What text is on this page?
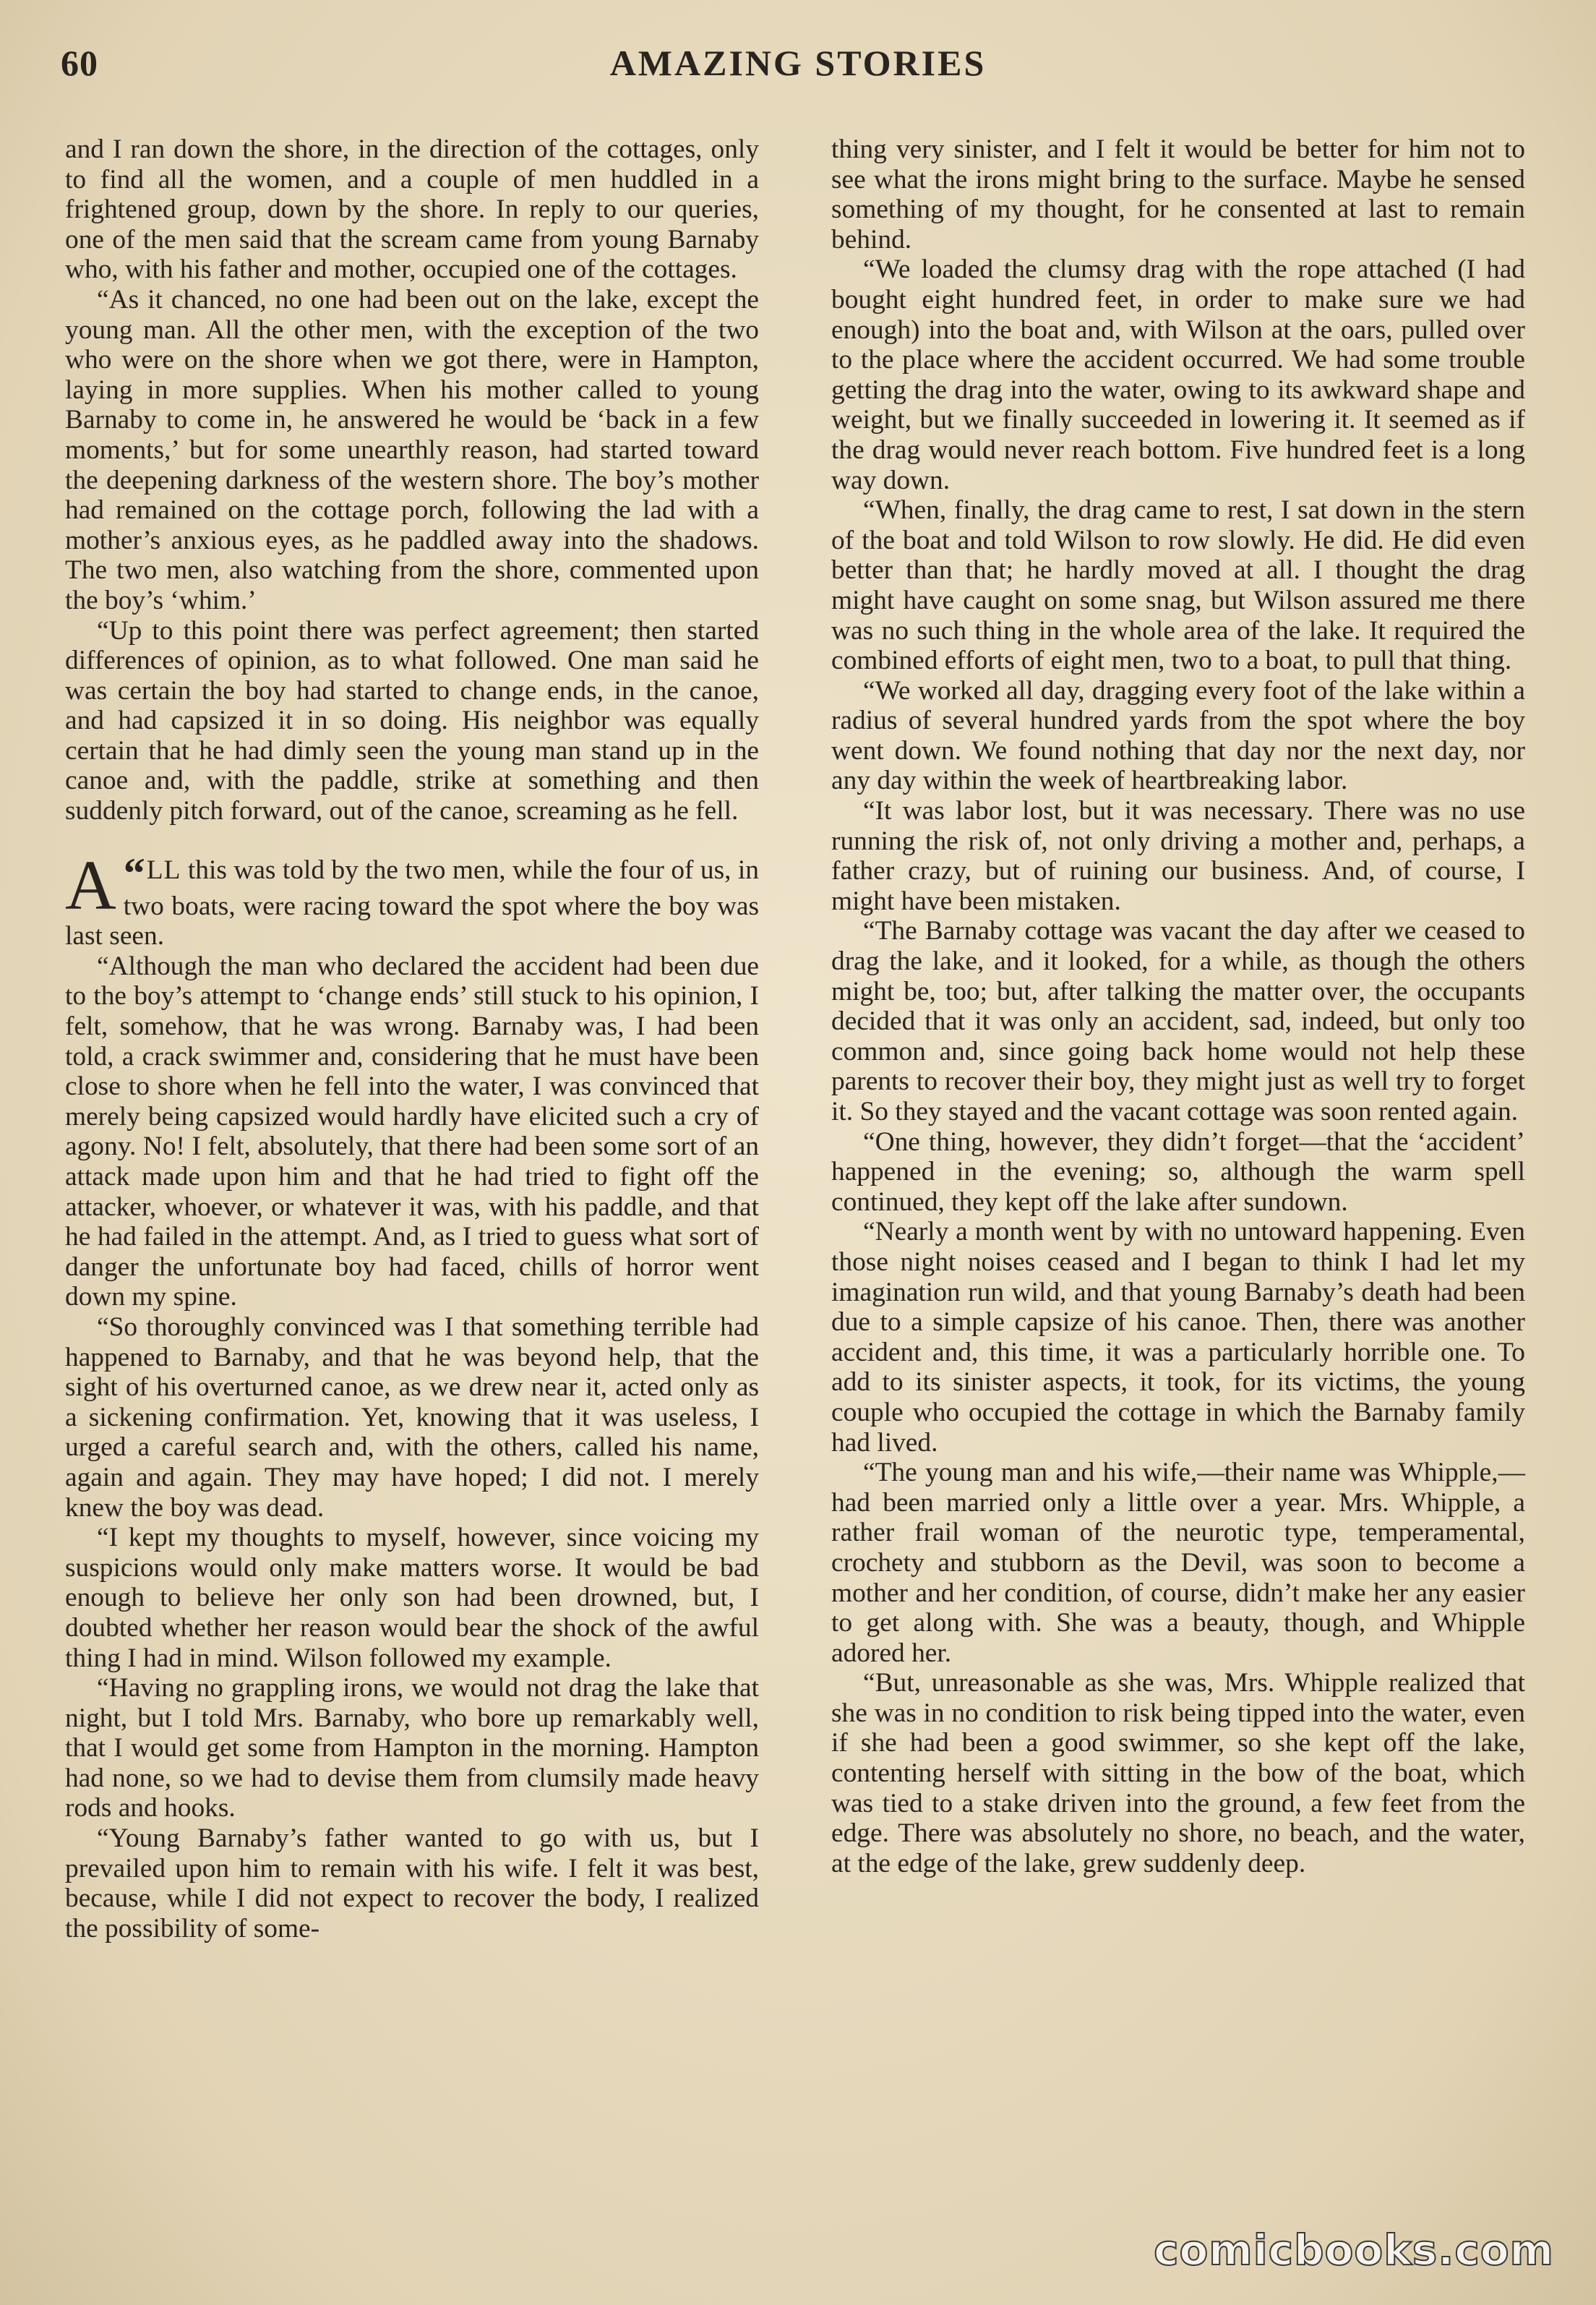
60	AMAZING STORIES

and I ran down the shore, in the direction of the cottages, only to find all the women, and a couple of men huddled in a frightened group, down by the shore. In reply to our queries, one of the men said that the scream came from young Barnaby who, with his father and mother, occupied one of the cottages.

“As it chanced, no one had been out on the lake, except the young man. All the other men, with the exception of the two who were on the shore when we got there, were in Hampton, laying in more supplies. When his mother called to young Barnaby to come in, he answered he would be ‘back in a few moments,’ but for some unearthly reason, had started toward the deepening darkness of the western shore. The boy’s mother had remained on the cottage porch, following the lad with a mother’s anxious eyes, as he paddled away into the shadows. The two men, also watching from the shore, commented upon the boy’s ‘whim.’

“Up to this point there was perfect agreement; then started differences of opinion, as to what followed. One man said he was certain the boy had started to change ends, in the canoe, and had capsized it in so doing. His neighbor was equally certain that he had dimly seen the young man stand up in the canoe and, with the paddle, strike at something and then suddenly pitch forward, out of the canoe, screaming as he fell.

“
A LL this was told by the two men, while the four of us, in two boats, were racing toward the spot where the boy was last seen.

“Although the man who declared the accident had been due to the boy’s attempt to ‘change ends’ still stuck to his opinion, I felt, somehow, that he was wrong. Barnaby was, I had been told, a crack swimmer and, considering that he must have been close to shore when he fell into the water, I was convinced that merely being capsized would hardly have elicited such a cry of agony. No! I felt, absolutely, that there had been some sort of an attack made upon him and that he had tried to fight off the attacker, whoever, or whatever it was, with his paddle, and that he had failed in the attempt. And, as I tried to guess what sort of danger the unfortunate boy had faced, chills of horror went down my spine.

“So thoroughly convinced was I that something terrible had happened to Barnaby, and that he was beyond help, that the sight of his overturned canoe, as we drew near it, acted only as a sickening confirmation. Yet, knowing that it was useless, I urged a careful search and, with the others, called his name, again and again. They may have hoped; I did not. I merely knew the boy was dead.

“I kept my thoughts to myself, however, since voicing my suspicions would only make matters worse. It would be bad enough to believe her only son had been drowned, but, I doubted whether her reason would bear the shock of the awful thing I had in mind. Wilson followed my example.

“Having no grappling irons, we would not drag the lake that night, but I told Mrs. Barnaby, who bore up remarkably well, that I would get some from Hampton in the morning. Hampton had none, so we had to devise them from clumsily made heavy rods and hooks.

“Young Barnaby’s father wanted to go with us, but I prevailed upon him to remain with his wife. I felt it was best, because, while I did not expect to recover the body, I realized the possibility of some-

thing very sinister, and I felt it would be better for him not to see what the irons might bring to the surface. Maybe he sensed something of my thought, for he consented at last to remain behind.

“We loaded the clumsy drag with the rope attached (I had bought eight hundred feet, in order to make sure we had enough) into the boat and, with Wilson at the oars, pulled over to the place where the accident occurred. We had some trouble getting the drag into the water, owing to its awkward shape and weight, but we finally succeeded in lowering it. It seemed as if the drag would never reach bottom. Five hundred feet is a long way down.

“When, finally, the drag came to rest, I sat down in the stern of the boat and told Wilson to row slowly. He did. He did even better than that; he hardly moved at all. I thought the drag might have caught on some snag, but Wilson assured me there was no such thing in the whole area of the lake. It required the combined efforts of eight men, two to a boat, to pull that thing.

“We worked all day, dragging every foot of the lake within a radius of several hundred yards from the spot where the boy went down. We found nothing that day nor the next day, nor any day within the week of heartbreaking labor.

“It was labor lost, but it was necessary. There was no use running the risk of, not only driving a mother and, perhaps, a father crazy, but of ruining our business. And, of course, I might have been mistaken.

“The Barnaby cottage was vacant the day after we ceased to drag the lake, and it looked, for a while, as though the others might be, too; but, after talking the matter over, the occupants decided that it was only an accident, sad, indeed, but only too common and, since going back home would not help these parents to recover their boy, they might just as well try to forget it. So they stayed and the vacant cottage was soon rented again.

“One thing, however, they didn’t forget—that the ‘accident’ happened in the evening; so, although the warm spell continued, they kept off the lake after sundown.

“Nearly a month went by with no untoward happening. Even those night noises ceased and I began to think I had let my imagination run wild, and that young Barnaby’s death had been due to a simple capsize of his canoe. Then, there was another accident and, this time, it was a particularly horrible one. To add to its sinister aspects, it took, for its victims, the young couple who occupied the cottage in which the Barnaby family had lived.

“The young man and his wife,—their name was Whipple,—had been married only a little over a year. Mrs. Whipple, a rather frail woman of the neurotic type, temperamental, crochety and stubborn as the Devil, was soon to become a mother and her condition, of course, didn’t make her any easier to get along with. She was a beauty, though, and Whipple adored her.

“But, unreasonable as she was, Mrs. Whipple realized that she was in no condition to risk being tipped into the water, even if she had been a good swimmer, so she kept off the lake, contenting herself with sitting in the bow of the boat, which was tied to a stake driven into the ground, a few feet from the edge. There was absolutely no shore, no beach, and the water, at the edge of the lake, grew suddenly deep.

comicbooks.com
